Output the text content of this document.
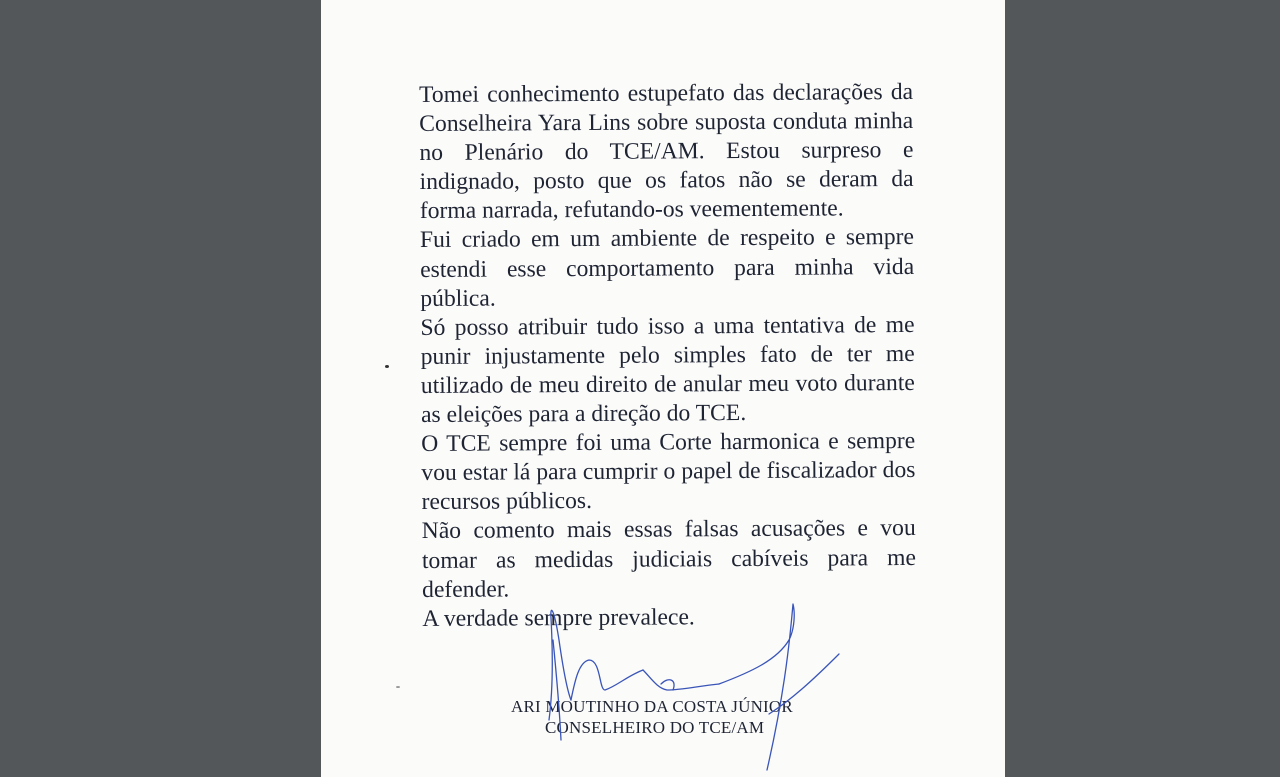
Tomei conhecimento estupefato das declarações da Conselheira Yara Lins sobre suposta conduta minha no Plenário do TCE/AM. Estou surpreso e indignado, posto que os fatos não se deram da forma narrada, refutando-os veementemente.

Fui criado em um ambiente de respeito e sempre estendi esse comportamento para minha vida pública.

Só posso atribuir tudo isso a uma tentativa de me punir injustamente pelo simples fato de ter me utilizado de meu direito de anular meu voto durante as eleições para a direção do TCE.

O TCE sempre foi uma Corte harmonica e sempre vou estar lá para cumprir o papel de fiscalizador dos recursos públicos.

Não comento mais essas falsas acusações e vou tomar as medidas judiciais cabíveis para me defender.

A verdade sempre prevalece.

ARI MOUTINHO DA COSTA JÚNIOR
CONSELHEIRO DO TCE/AM
